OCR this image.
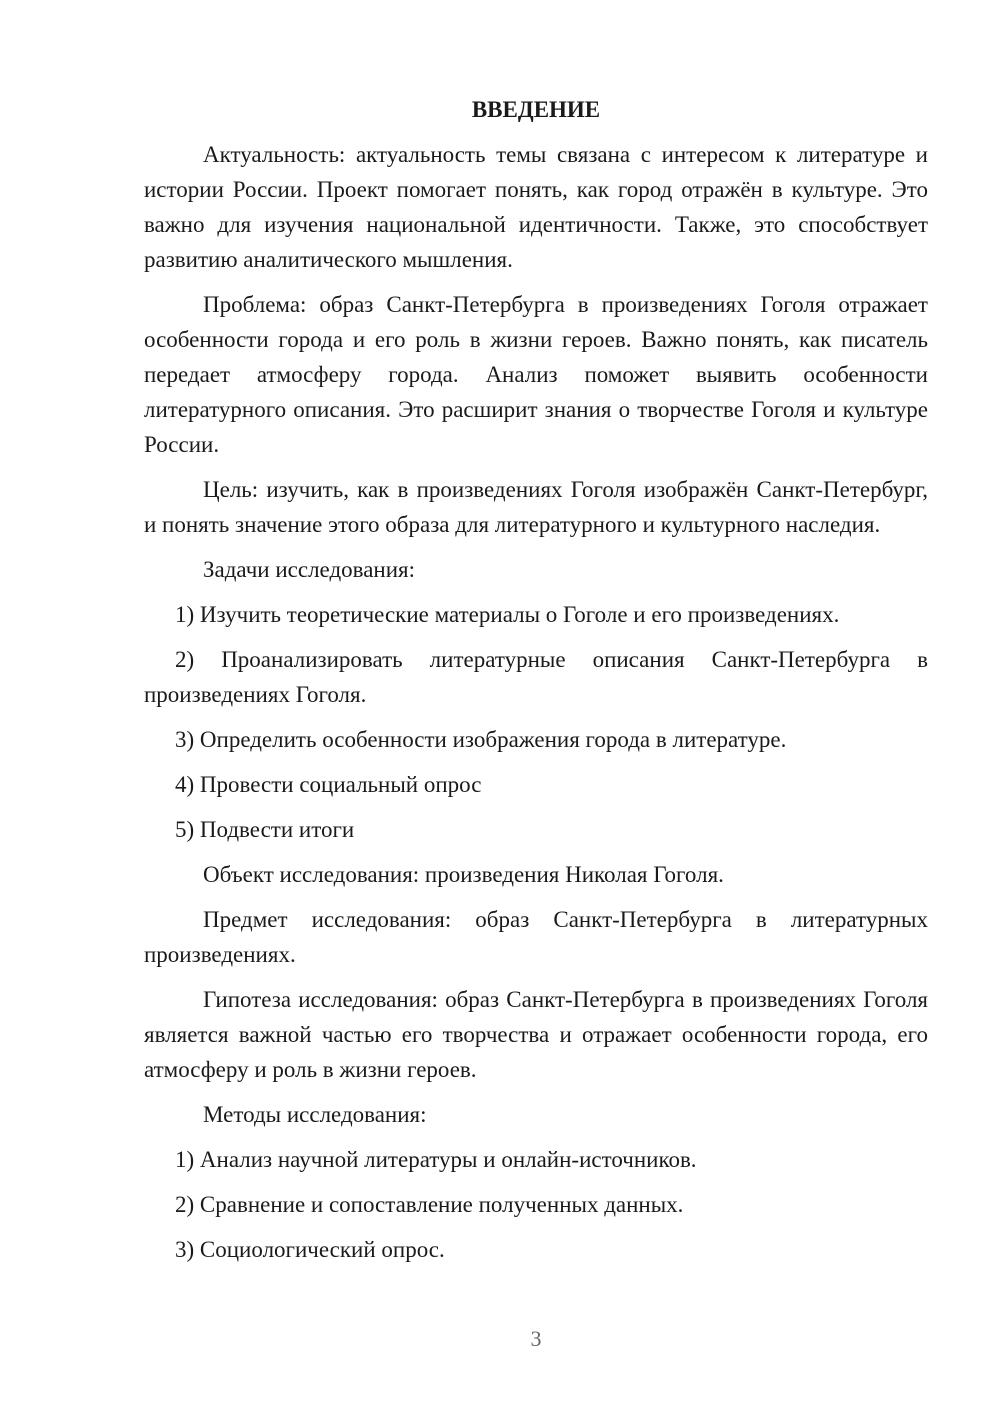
ВВЕДЕНИЕ

Актуальность: актуальность темы связана с интересом к литературе и истории России. Проект помогает понять, как город отражён в культуре. Это важно для изучения национальной идентичности. Также, это способствует развитию аналитического мышления.

Проблема: образ Санкт-Петербурга в произведениях Гоголя отражает особенности города и его роль в жизни героев. Важно понять, как писатель передает атмосферу города. Анализ поможет выявить особенности литературного описания. Это расширит знания о творчестве Гоголя и культуре России.

Цель: изучить, как в произведениях Гоголя изображён Санкт-Петербург, и понять значение этого образа для литературного и культурного наследия.

Задачи исследования:

1) Изучить теоретические материалы о Гоголе и его произведениях.

2) Проанализировать литературные описания Санкт-Петербурга в произведениях Гоголя.

3) Определить особенности изображения города в литературе.

4) Провести социальный опрос

5) Подвести итоги

Объект исследования: произведения Николая Гоголя.

Предмет исследования: образ Санкт-Петербурга в литературных произведениях.

Гипотеза исследования: образ Санкт-Петербурга в произведениях Гоголя является важной частью его творчества и отражает особенности города, его атмосферу и роль в жизни героев.

Методы исследования:

1) Анализ научной литературы и онлайн-источников.

2) Сравнение и сопоставление полученных данных.

3) Социологический опрос.

3
